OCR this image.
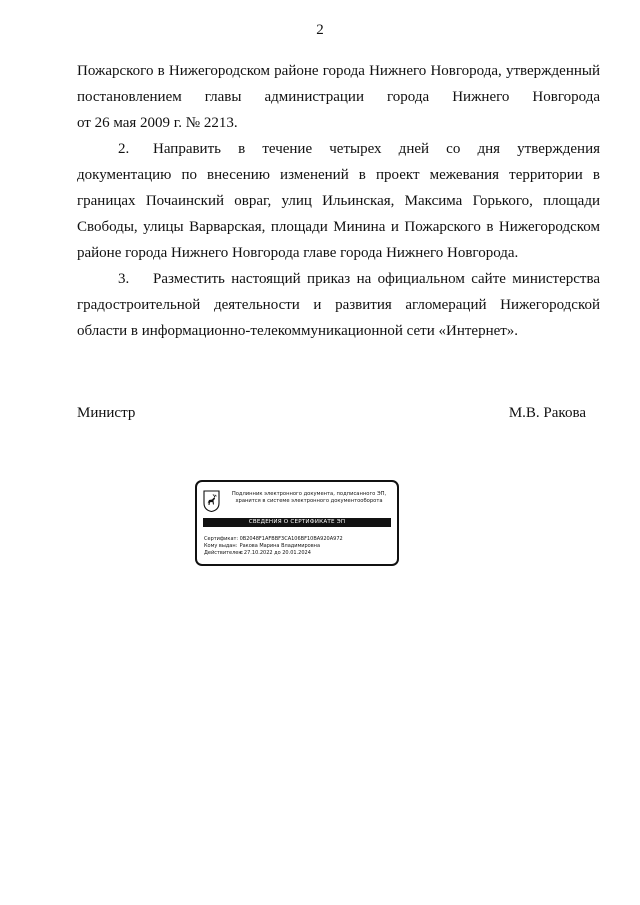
2

Пожарского в Нижегородском районе города Нижнего Новгорода, утвержденный

постановлением главы администрации города Нижнего Новгорода

от 26 мая 2009 г. № 2213.

2. Направить в течение четырех дней со дня утверждения документацию по внесению изменений в проект межевания территории в границах Почаинский овраг, улиц Ильинская, Максима Горького, площади Свободы, улицы Варварская, площади Минина и Пожарского в Нижегородском районе города Нижнего Новгорода главе города Нижнего Новгорода.

3. Разместить настоящий приказ на официальном сайте министерства градостроительной деятельности и развития агломераций Нижегородской области в информационно-телекоммуникационной сети «Интернет».

Министр	М.В. Ракова
Подлинник электронного документа, подписанного ЭП,
хранится в системе электронного документооборота
СВЕДЕНИЯ О СЕРТИФИКАТЕ ЭП
Сертификат: 0B2048F1AFBBF3CA106BF10BA920A972
Кому выдан: Ракова Марина Владимировна
Действителен: с 27.10.2022 до 20.01.2024
